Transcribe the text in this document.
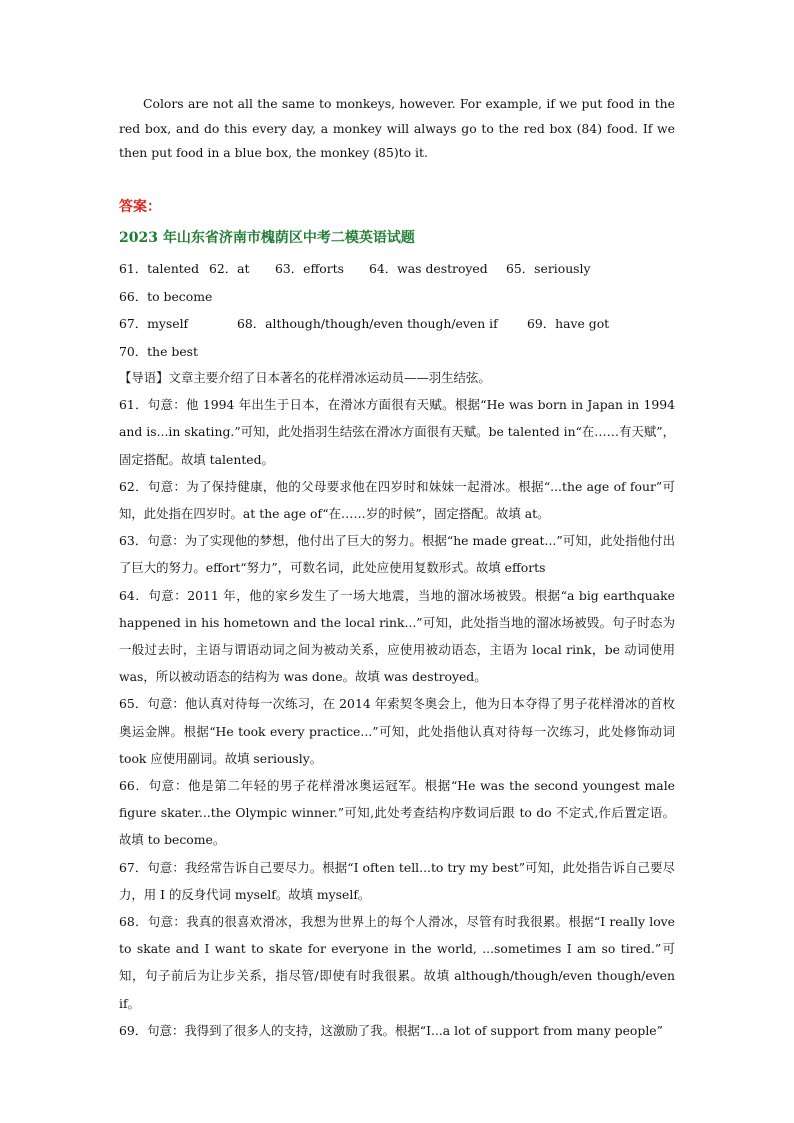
Colors are not all the same to monkeys, however. For example, if we put food in the red box, and do this every day, a monkey will always go to the red box (84) food. If we then put food in a blue box, the monkey (85)to it.

答案：

2023 年山东省济南市槐荫区中考二模英语试题

61．talented 62．at 63．efforts 64．was destroyed 65．seriously66．to become
67．myself	68．although/though/even though/even if 69．have got
70．the best
【导语】文章主要介绍了日本著名的花样滑冰运动员——羽生结弦。
61．句意：他 1994 年出生于日本，在滑冰方面很有天赋。根据“He was born in Japan in 1994 and is...in skating.”可知，此处指羽生结弦在滑冰方面很有天赋。be talented in“在……有天赋”，固定搭配。故填 talented。
62．句意：为了保持健康，他的父母要求他在四岁时和妹妹一起滑冰。根据“...the age of four”可知，此处指在四岁时。at the age of“在……岁的时候”，固定搭配。故填 at。
63．句意：为了实现他的梦想，他付出了巨大的努力。根据“he made great...”可知，此处指他付出了巨大的努力。effort“努力”，可数名词，此处应使用复数形式。故填 efforts
64．句意：2011 年，他的家乡发生了一场大地震，当地的溜冰场被毁。根据“a big earthquake happened in his hometown and the local rink...”可知，此处指当地的溜冰场被毁。句子时态为一般过去时，主语与谓语动词之间为被动关系，应使用被动语态，主语为 local rink，be 动词使用 was，所以被动语态的结构为 was done。故填 was destroyed。
65．句意：他认真对待每一次练习，在 2014 年索契冬奥会上，他为日本夺得了男子花样滑冰的首枚奥运金牌。根据“He took every practice...”可知，此处指他认真对待每一次练习，此处修饰动词 took 应使用副词。故填 seriously。
66．句意：他是第二年轻的男子花样滑冰奥运冠军。根据“He was the second youngest male figure skater...the Olympic winner.”可知,此处考查结构序数词后跟 to do 不定式,作后置定语。故填 to become。
67．句意：我经常告诉自己要尽力。根据“I often tell...to try my best”可知，此处指告诉自己要尽力，用 I 的反身代词 myself。故填 myself。
68．句意：我真的很喜欢滑冰，我想为世界上的每个人滑冰，尽管有时我很累。根据“I really love to skate and I want to skate for everyone in the world, ...sometimes I am so tired.”可知，句子前后为让步关系，指尽管/即使有时我很累。故填 although/though/even though/even if。
69．句意：我得到了很多人的支持，这激励了我。根据“I...a lot of support from many people”
